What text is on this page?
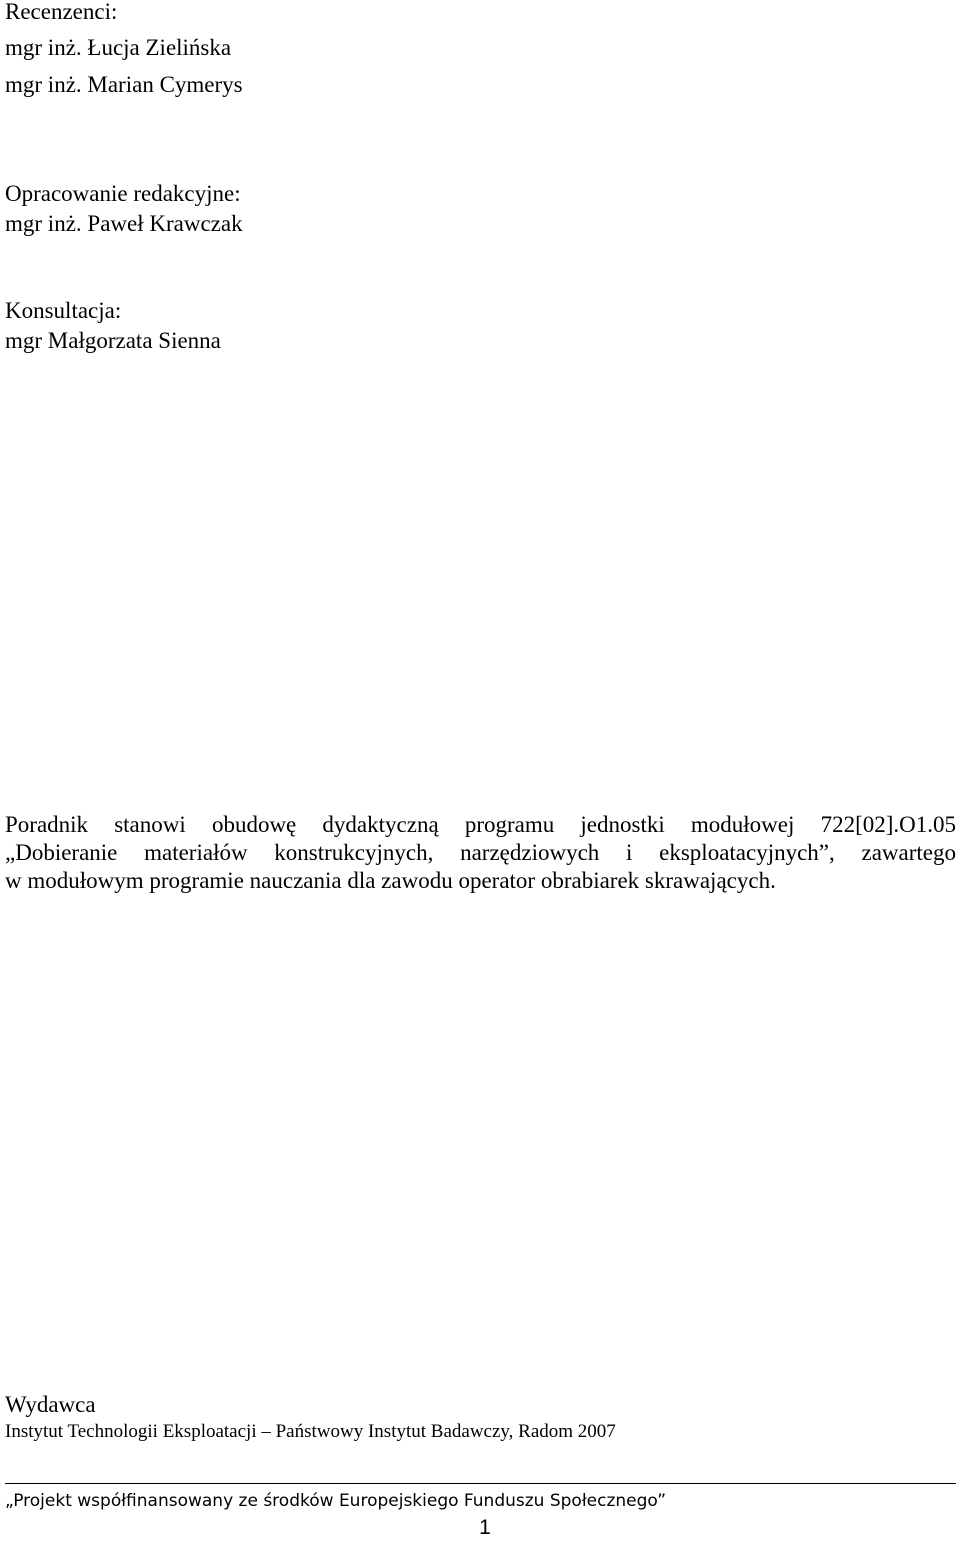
Recenzenci:
mgr inż. Łucja Zielińska
mgr inż. Marian Cymerys
Opracowanie redakcyjne:
mgr inż. Paweł Krawczak
Konsultacja:
mgr Małgorzata Sienna
Poradnik stanowi obudowę dydaktyczną programu jednostki modułowej 722[02].O1.05
„Dobieranie materiałów konstrukcyjnych, narzędziowych i eksploatacyjnych”, zawartego
w modułowym programie nauczania dla zawodu operator obrabiarek skrawających.
Wydawca
Instytut Technologii Eksploatacji – Państwowy Instytut Badawczy, Radom 2007
„Projekt współfinansowany ze środków Europejskiego Funduszu Społecznego”
1
